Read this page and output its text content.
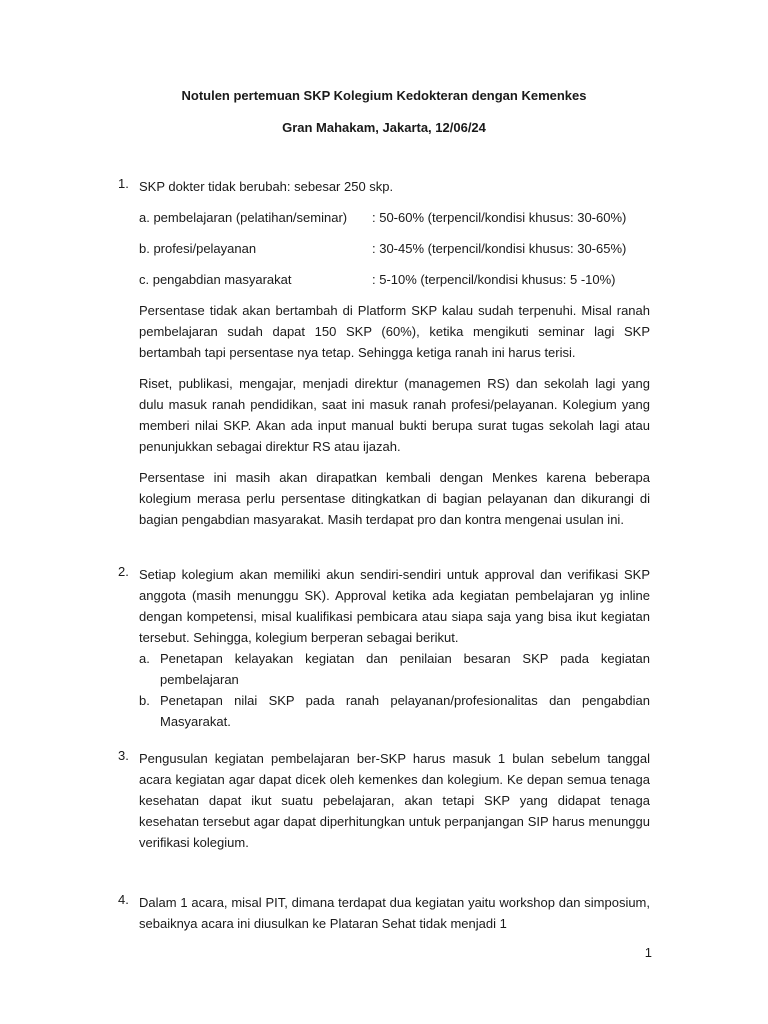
Notulen pertemuan SKP Kolegium Kedokteran dengan Kemenkes
Gran Mahakam, Jakarta, 12/06/24
1. SKP dokter tidak berubah: sebesar 250 skp.

a. pembelajaran (pelatihan/seminar)	: 50-60% (terpencil/kondisi khusus: 30-60%)
b. profesi/pelayanan	: 30-45% (terpencil/kondisi khusus: 30-65%)
c. pengabdian masyarakat	: 5-10% (terpencil/kondisi khusus: 5 -10%)

Persentase tidak akan bertambah di Platform SKP kalau sudah terpenuhi. Misal ranah pembelajaran sudah dapat 150 SKP (60%), ketika mengikuti seminar lagi SKP bertambah tapi persentase nya tetap. Sehingga ketiga ranah ini harus terisi.

Riset, publikasi, mengajar, menjadi direktur (managemen RS) dan sekolah lagi yang dulu masuk ranah pendidikan, saat ini masuk ranah profesi/pelayanan. Kolegium yang memberi nilai SKP. Akan ada input manual bukti berupa surat tugas sekolah lagi atau penunjukkan sebagai direktur RS atau ijazah.

Persentase ini masih akan dirapatkan kembali dengan Menkes karena beberapa kolegium merasa perlu persentase ditingkatkan di bagian pelayanan dan dikurangi di bagian pengabdian masyarakat. Masih terdapat pro dan kontra mengenai usulan ini.

2. Setiap kolegium akan memiliki akun sendiri-sendiri untuk approval dan verifikasi SKP anggota (masih menunggu SK). Approval ketika ada kegiatan pembelajaran yg inline dengan kompetensi, misal kualifikasi pembicara atau siapa saja yang bisa ikut kegiatan tersebut. Sehingga, kolegium berperan sebagai berikut.
a. Penetapan kelayakan kegiatan dan penilaian besaran SKP pada kegiatan pembelajaran
b. Penetapan nilai SKP pada ranah pelayanan/profesionalitas dan pengabdian Masyarakat.
3. Pengusulan kegiatan pembelajaran ber-SKP harus masuk 1 bulan sebelum tanggal acara kegiatan agar dapat dicek oleh kemenkes dan kolegium. Ke depan semua tenaga kesehatan dapat ikut suatu pebelajaran, akan tetapi SKP yang didapat tenaga kesehatan tersebut agar dapat diperhitungkan untuk perpanjangan SIP harus menunggu verifikasi kolegium.
4. Dalam 1 acara, misal PIT, dimana terdapat dua kegiatan yaitu workshop dan simposium, sebaiknya acara ini diusulkan ke Plataran Sehat tidak menjadi 1
1
